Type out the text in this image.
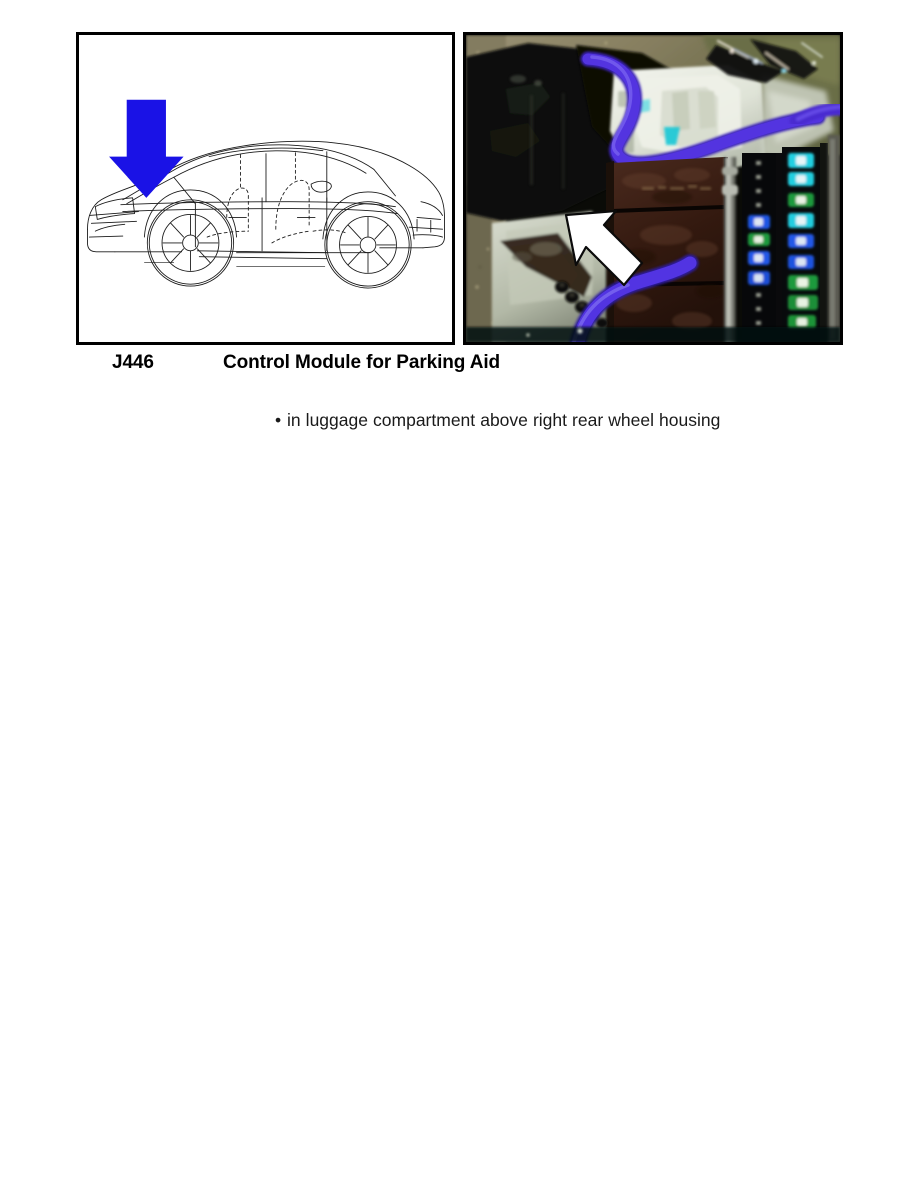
J446	Control Module for Parking Aid
• in luggage compartment above right rear wheel housing
